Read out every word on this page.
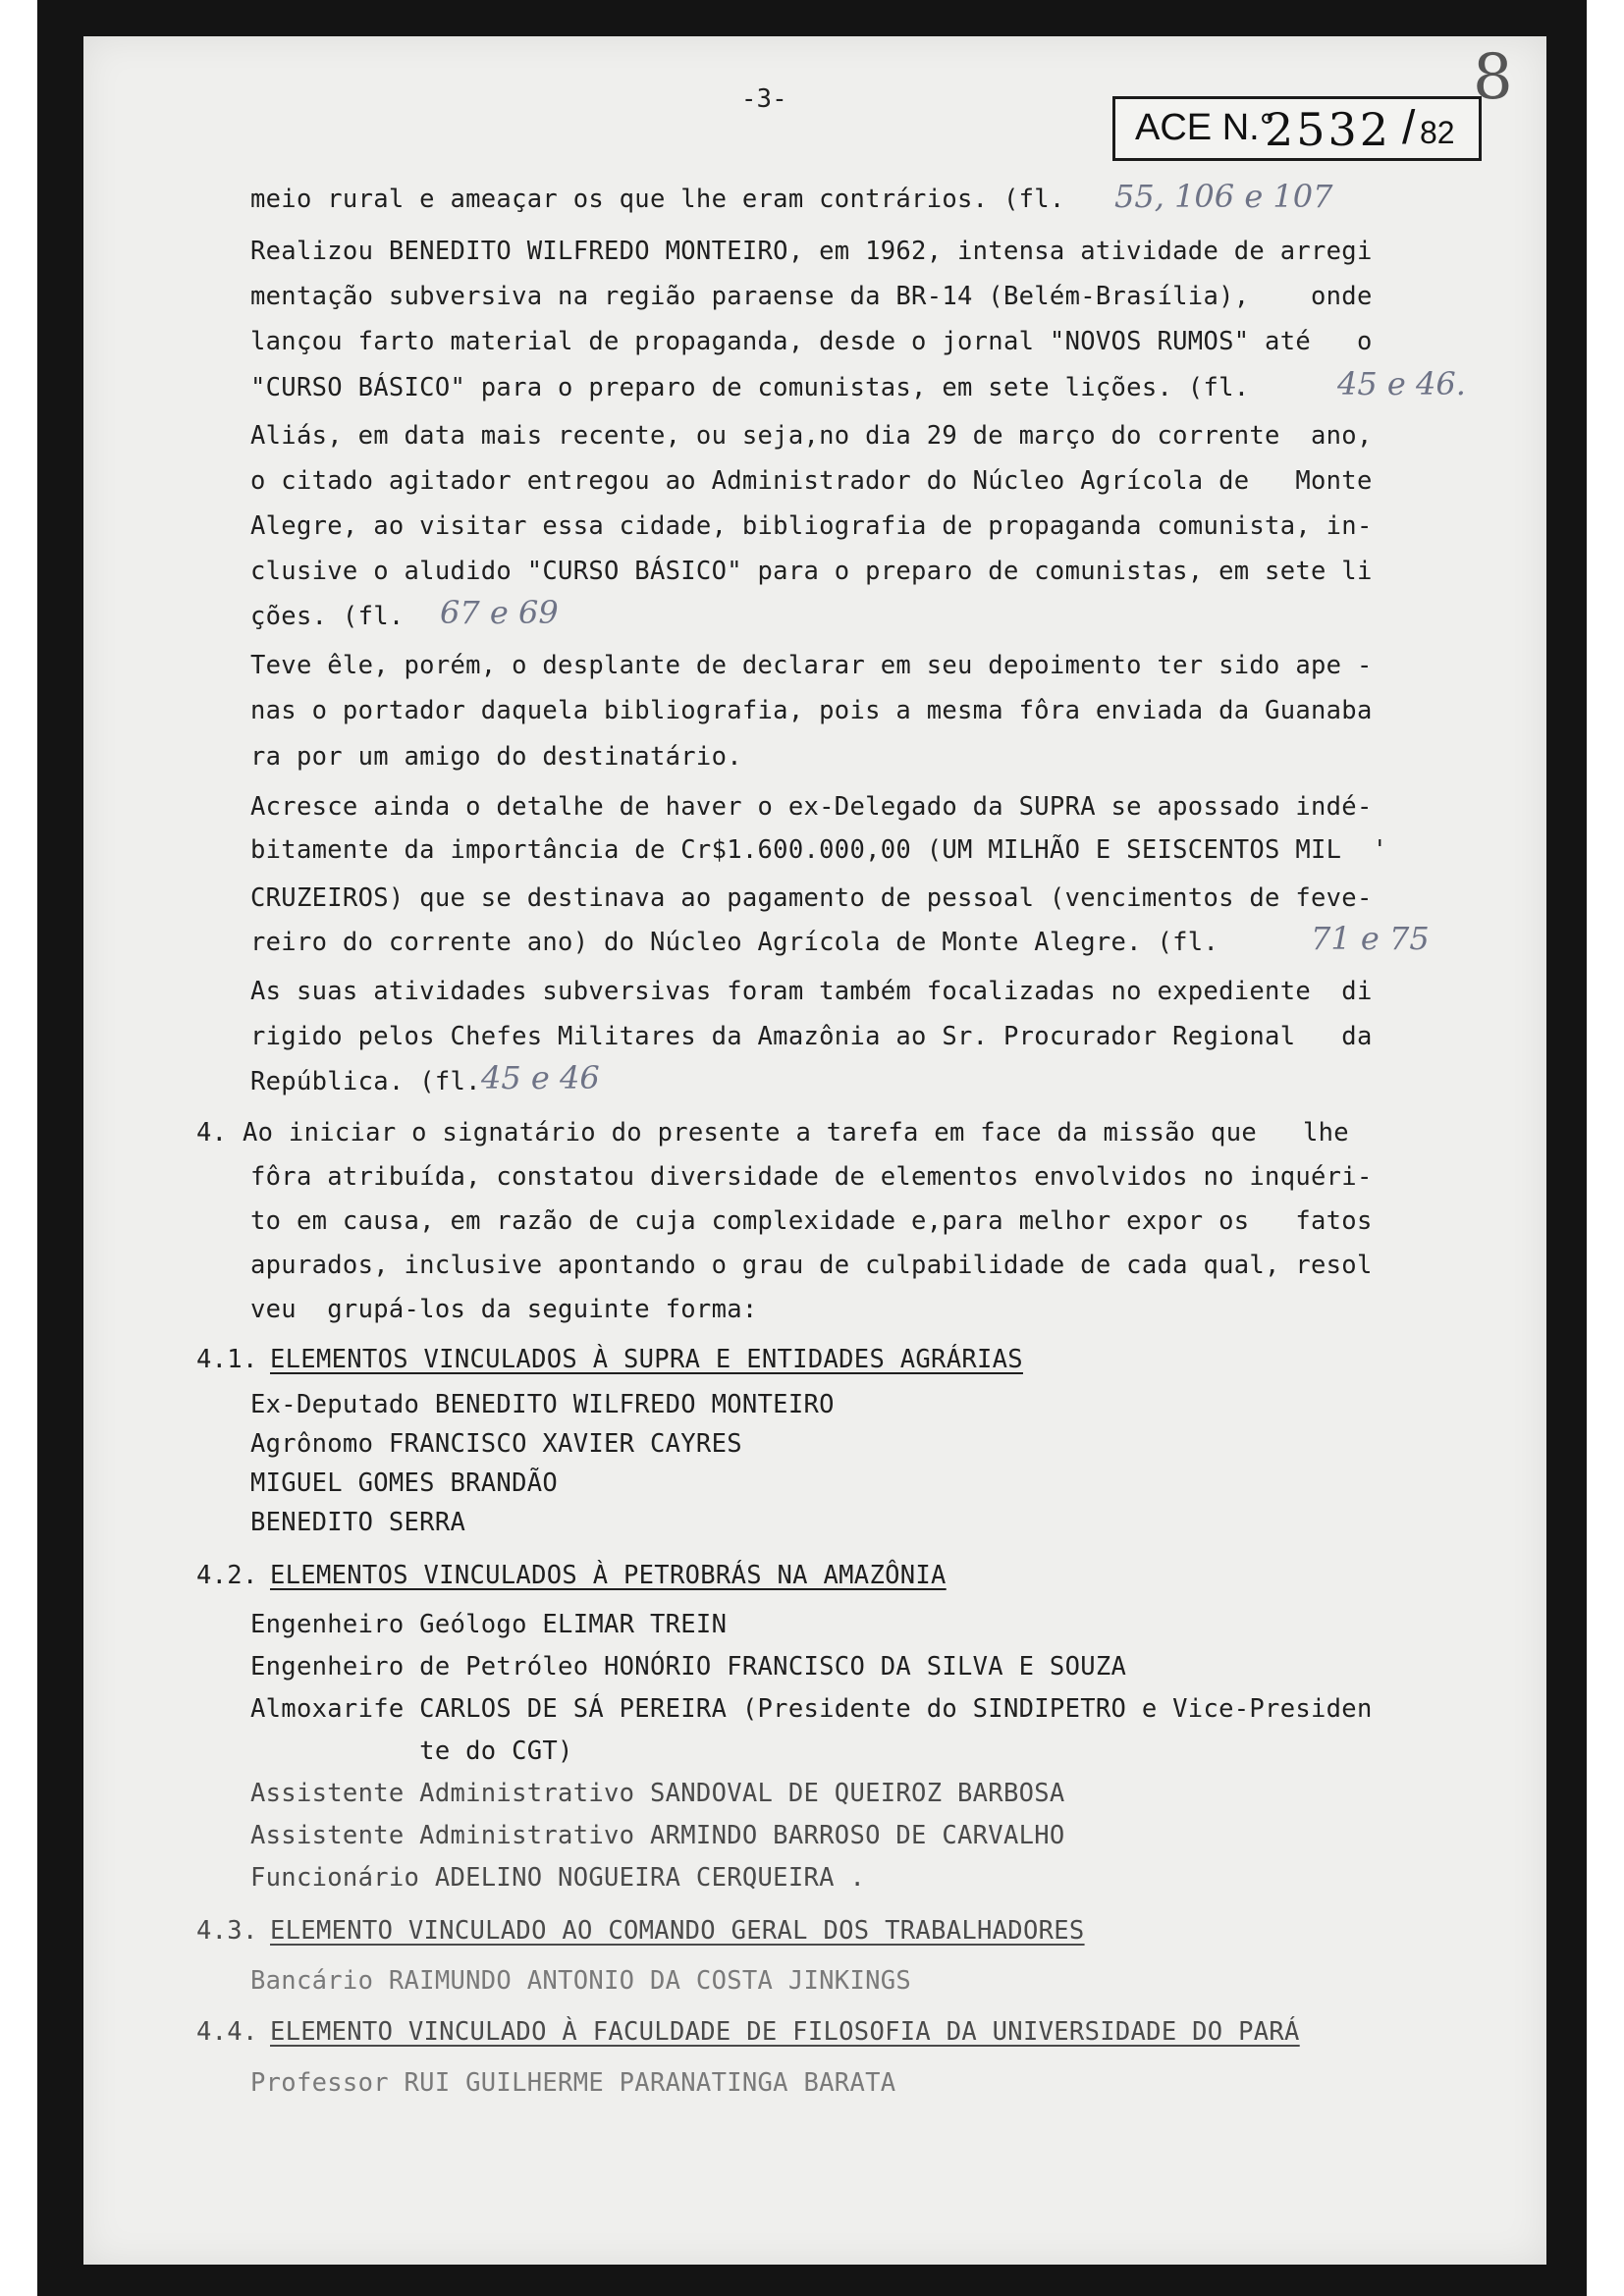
-3-
ACE N.°
2532 / 82
8
meio rural e ameaçar os que lhe eram contrários. (fl. 55, 106 e 107
Realizou BENEDITO WILFREDO MONTEIRO, em 1962, intensa atividade de arregi
mentação subversiva na região paraense da BR-14 (Belém-Brasília),    onde
lançou farto material de propaganda, desde o jornal "NOVOS RUMOS" até   o
"CURSO BÁSICO" para o preparo de comunistas, em sete lições. (fl.	45 e 46.
Aliás, em data mais recente, ou seja,no dia 29 de março do corrente  ano,
o citado agitador entregou ao Administrador do Núcleo Agrícola de   Monte
Alegre, ao visitar essa cidade, bibliografia de propaganda comunista, in-
clusive o aludido "CURSO BÁSICO" para o preparo de comunistas, em sete li
ções. (fl. 67 e 69
Teve êle, porém, o desplante de declarar em seu depoimento ter sido ape -
nas o portador daquela bibliografia, pois a mesma fôra enviada da Guanaba
ra por um amigo do destinatário.
Acresce ainda o detalhe de haver o ex-Delegado da SUPRA se apossado indé-
bitamente da importância de Cr$1.600.000,00 (UM MILHÃO E SEISCENTOS MIL  '
CRUZEIROS) que se destinava ao pagamento de pessoal (vencimentos de feve-
reiro do corrente ano) do Núcleo Agrícola de Monte Alegre. (fl.	71 e 75
As suas atividades subversivas foram também focalizadas no expediente  di
rigido pelos Chefes Militares da Amazônia ao Sr. Procurador Regional   da
República. (fl. 45 e 46
4. Ao iniciar o signatário do presente a tarefa em face da missão que   lhe
fôra atribuída, constatou diversidade de elementos envolvidos no inquéri-
to em causa, em razão de cuja complexidade e,para melhor expor os   fatos
apurados, inclusive apontando o grau de culpabilidade de cada qual, resol
veu  grupá-los da seguinte forma:
4.1. ELEMENTOS VINCULADOS À SUPRA E ENTIDADES AGRÁRIAS
Ex-Deputado BENEDITO WILFREDO MONTEIRO
Agrônomo FRANCISCO XAVIER CAYRES
MIGUEL GOMES BRANDÃO
BENEDITO SERRA
4.2. ELEMENTOS VINCULADOS À PETROBRÁS NA AMAZÔNIA
Engenheiro Geólogo ELIMAR TREIN
Engenheiro de Petróleo HONÓRIO FRANCISCO DA SILVA E SOUZA
Almoxarife CARLOS DE SÁ PEREIRA (Presidente do SINDIPETRO e Vice-Presiden
te do CGT)
Assistente Administrativo SANDOVAL DE QUEIROZ BARBOSA
Assistente Administrativo ARMINDO BARROSO DE CARVALHO
Funcionário ADELINO NOGUEIRA CERQUEIRA .
4.3. ELEMENTO VINCULADO AO COMANDO GERAL DOS TRABALHADORES
Bancário RAIMUNDO ANTONIO DA COSTA JINKINGS
4.4. ELEMENTO VINCULADO À FACULDADE DE FILOSOFIA DA UNIVERSIDADE DO PARÁ
Professor RUI GUILHERME PARANATINGA BARATA
